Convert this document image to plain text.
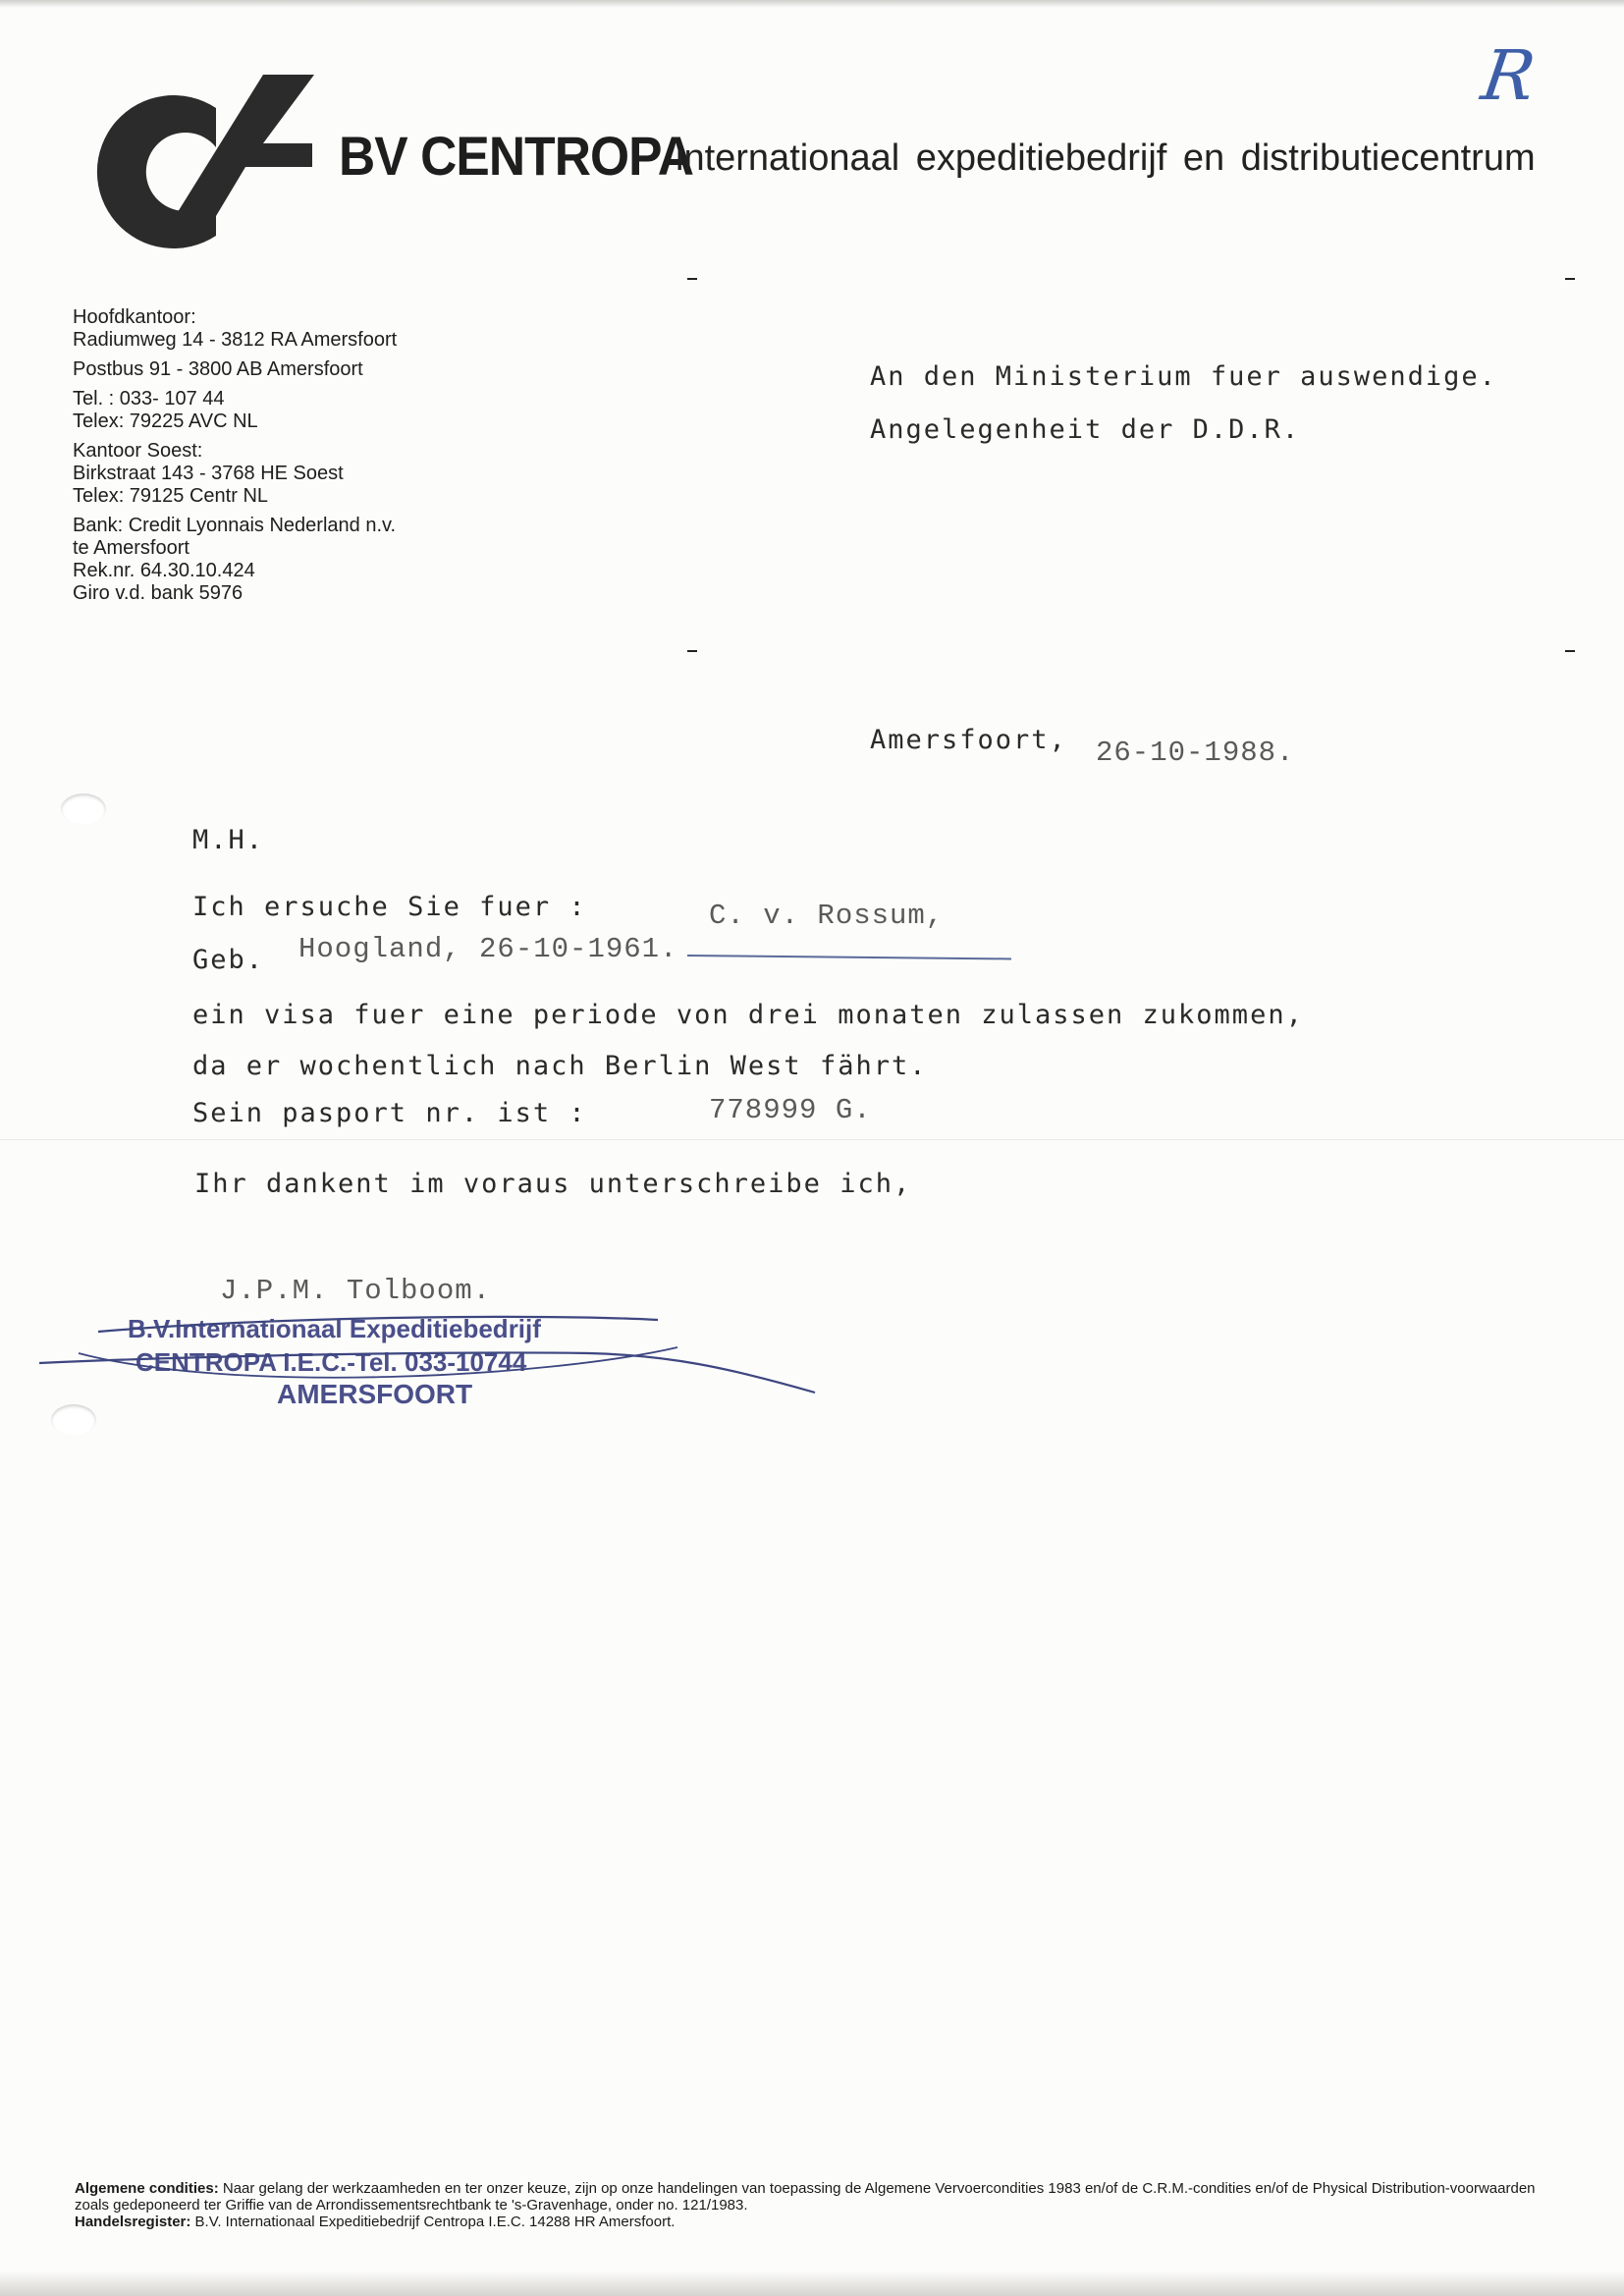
BV CENTROPA
internationaal expeditiebedrijf en distributiecentrum
R
Hoofdkantoor:
Radiumweg 14 - 3812 RA Amersfoort
Postbus 91 - 3800 AB Amersfoort
Tel. : 033- 107 44
Telex: 79225 AVC NL
Kantoor Soest:
Birkstraat 143 - 3768 HE Soest
Telex: 79125 Centr NL
Bank: Credit Lyonnais Nederland n.v.
te Amersfoort
Rek.nr. 64.30.10.424
Giro v.d. bank 5976
An den Ministerium fuer auswendige.
Angelegenheit der D.D.R.
Amersfoort, 26-10-1988.
M.H.
Ich ersuche Sie fuer :	C. v. Rossum,
Geb. Hoogland, 26-10-1961.
ein visa fuer eine periode von drei monaten zulassen zukommen,
da er wochentlich nach Berlin West fährt.
Sein pasport nr. ist :	778999 G.
Ihr dankent im voraus unterschreibe ich,
J.P.M. Tolboom.
B.V.Internationaal Expeditiebedrijf
CENTROPA I.E.C.-Tel. 033-10744
AMERSFOORT
Algemene condities: Naar gelang der werkzaamheden en ter onzer keuze, zijn op onze handelingen van toepassing de Algemene Vervoercondities 1983 en/of de C.R.M.-condities en/of de Physical Distribution-voorwaarden zoals gedeponeerd ter Griffie van de Arrondissementsrechtbank te 's-Gravenhage, onder no. 121/1983.
Handelsregister: B.V. Internationaal Expeditiebedrijf Centropa I.E.C. 14288 HR Amersfoort.
